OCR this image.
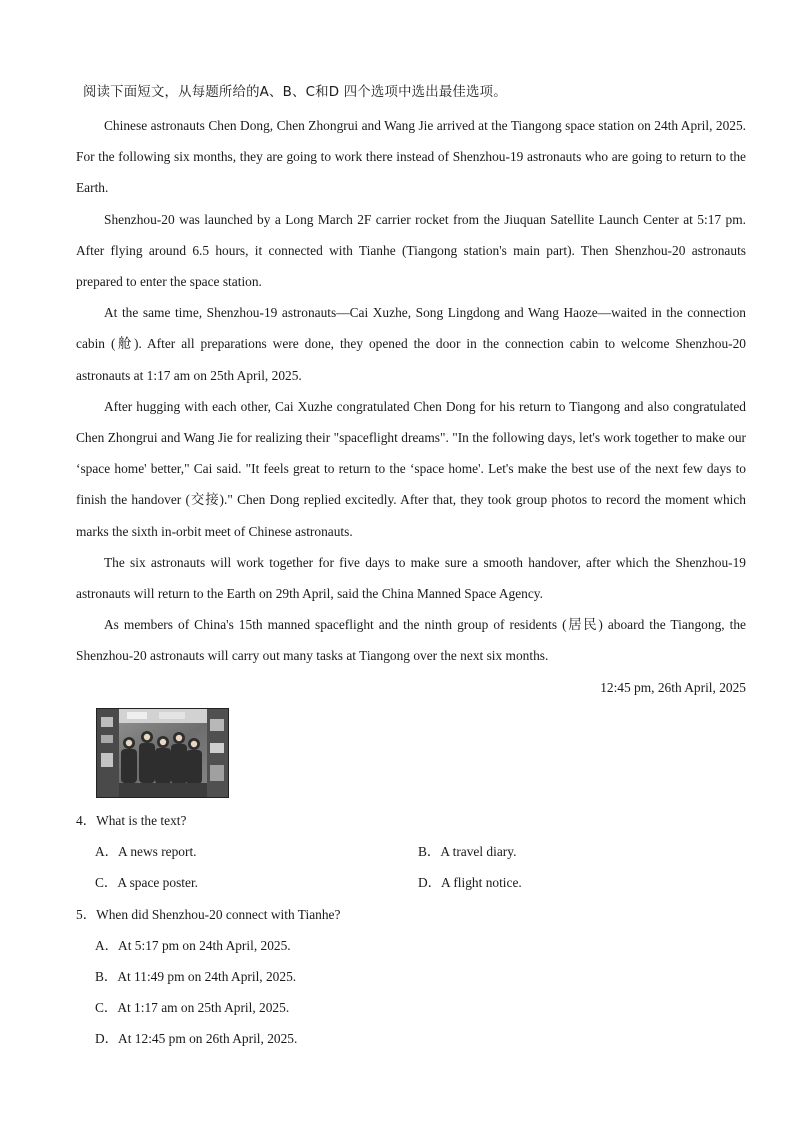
阅读下面短文，从每题所给的A、B、C和D 四个选项中选出最佳选项。

Chinese astronauts Chen Dong, Chen Zhongrui and Wang Jie arrived at the Tiangong space station on 24th April, 2025. For the following six months, they are going to work there instead of Shenzhou-19 astronauts who are going to return to the Earth.

Shenzhou-20 was launched by a Long March 2F carrier rocket from the Jiuquan Satellite Launch Center at 5:17 pm. After flying around 6.5 hours, it connected with Tianhe (Tiangong station's main part). Then Shenzhou-20 astronauts prepared to enter the space station.

At the same time, Shenzhou-19 astronauts—Cai Xuzhe, Song Lingdong and Wang Haoze—waited in the connection cabin (舱). After all preparations were done, they opened the door in the connection cabin to welcome Shenzhou-20 astronauts at 1:17 am on 25th April, 2025.

After hugging with each other, Cai Xuzhe congratulated Chen Dong for his return to Tiangong and also congratulated Chen Zhongrui and Wang Jie for realizing their "spaceflight dreams". "In the following days, let's work together to make our ‘space home' better," Cai said. "It feels great to return to the ‘space home'. Let's make the best use of the next few days to finish the handover (交接)." Chen Dong replied excitedly. After that, they took group photos to record the moment which marks the sixth in-orbit meet of Chinese astronauts.

The six astronauts will work together for five days to make sure a smooth handover, after which the Shenzhou-19 astronauts will return to the Earth on 29th April, said the China Manned Space Agency.

As members of China's 15th manned spaceflight and the ninth group of residents (居民) aboard the Tiangong, the Shenzhou-20 astronauts will carry out many tasks at Tiangong over the next six months.

12:45 pm, 26th April, 2025

4．What is the text?

A．A news report.	B．A travel diary.

C．A space poster.	D．A flight notice.

5．When did Shenzhou-20 connect with Tianhe?

A．At 5:17 pm on 24th April, 2025.

B．At 11:49 pm on 24th April, 2025.

C．At 1:17 am on 25th April, 2025.

D．At 12:45 pm on 26th April, 2025.
